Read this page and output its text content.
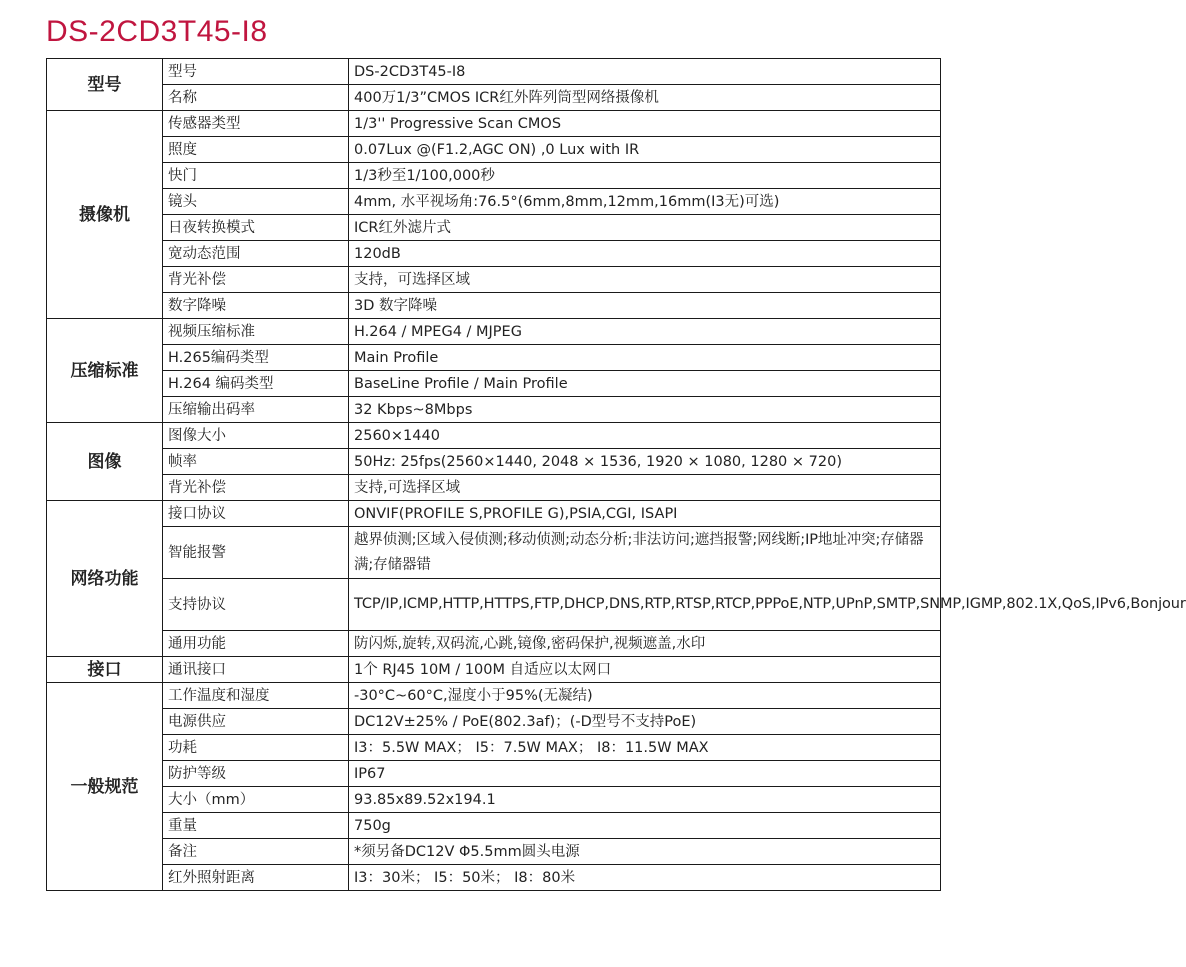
DS-2CD3T45-I8
型号	型号	DS-2CD3T45-I8
	名称	400万1/3”CMOS ICR红外阵列筒型网络摄像机
摄像机	传感器类型	1/3'' Progressive Scan CMOS
	照度	0.07Lux @(F1.2,AGC ON) ,0 Lux with IR
	快门	1/3秒至1/100,000秒
	镜头	4mm, 水平视场角:76.5°(6mm,8mm,12mm,16mm(I3无)可选)
	日夜转换模式	ICR红外滤片式
	宽动态范围	120dB
	背光补偿	支持，可选择区域
	数字降噪	3D 数字降噪
压缩标准	视频压缩标准	H.264 / MPEG4 / MJPEG
	H.265编码类型	Main Profile
	H.264 编码类型	BaseLine Profile / Main Profile
	压缩输出码率	32 Kbps~8Mbps
图像	图像大小	2560×1440
	帧率	50Hz: 25fps(2560×1440, 2048 × 1536, 1920 × 1080, 1280 × 720)
	背光补偿	支持,可选择区域
网络功能	接口协议	ONVIF(PROFILE S,PROFILE G),PSIA,CGI, ISAPI
	智能报警	越界侦测;区域入侵侦测;移动侦测;动态分析;非法访问;遮挡报警;网线断;IP地址冲突;存储器满;存储器错
	支持协议	TCP/IP,ICMP,HTTP,HTTPS,FTP,DHCP,DNS,RTP,RTSP,RTCP,PPPoE,NTP,UPnP,SMTP,SNMP,IGMP,802.1X,QoS,IPv6,Bonjour
	通用功能	防闪烁,旋转,双码流,心跳,镜像,密码保护,视频遮盖,水印
接口	通讯接口	1个 RJ45 10M / 100M 自适应以太网口
一般规范	工作温度和湿度	-30°C~60°C,湿度小于95%(无凝结)
	电源供应	DC12V±25% / PoE(802.3af)；(-D型号不支持PoE)
	功耗	I3：5.5W MAX； I5：7.5W MAX； I8：11.5W MAX
	防护等级	IP67
	大小（mm）	93.85x89.52x194.1
	重量	750g
	备注	*须另备DC12V Φ5.5mm圆头电源
	红外照射距离	I3：30米； I5：50米； I8：80米
